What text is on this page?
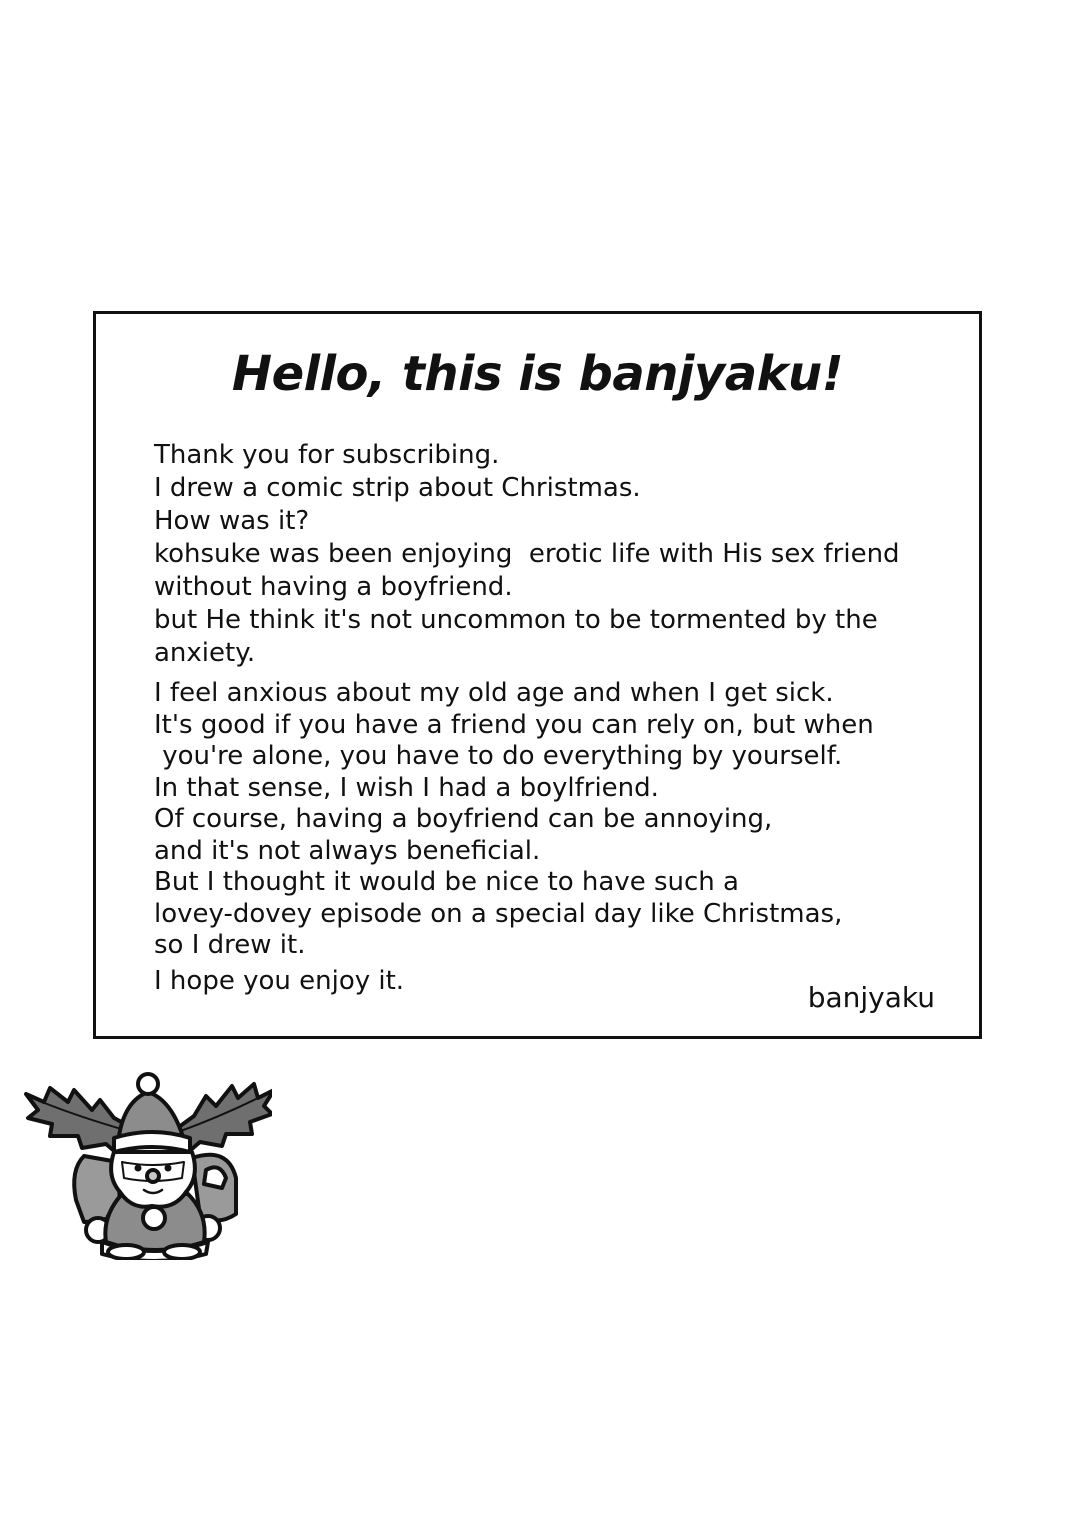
Hello, this is banjyaku!
Thank you for subscribing.
I drew a comic strip about Christmas.
How was it?
kohsuke was been enjoying  erotic life with His sex friend
without having a boyfriend.
but He think it's not uncommon to be tormented by the
anxiety.
I feel anxious about my old age and when I get sick.
It's good if you have a friend you can rely on, but when
you're alone, you have to do everything by yourself.
In that sense, I wish I had a boylfriend.
Of course, having a boyfriend can be annoying,
and it's not always beneficial.
But I thought it would be nice to have such a
lovey-dovey episode on a special day like Christmas,
so I drew it.
I hope you enjoy it.	banjyaku
